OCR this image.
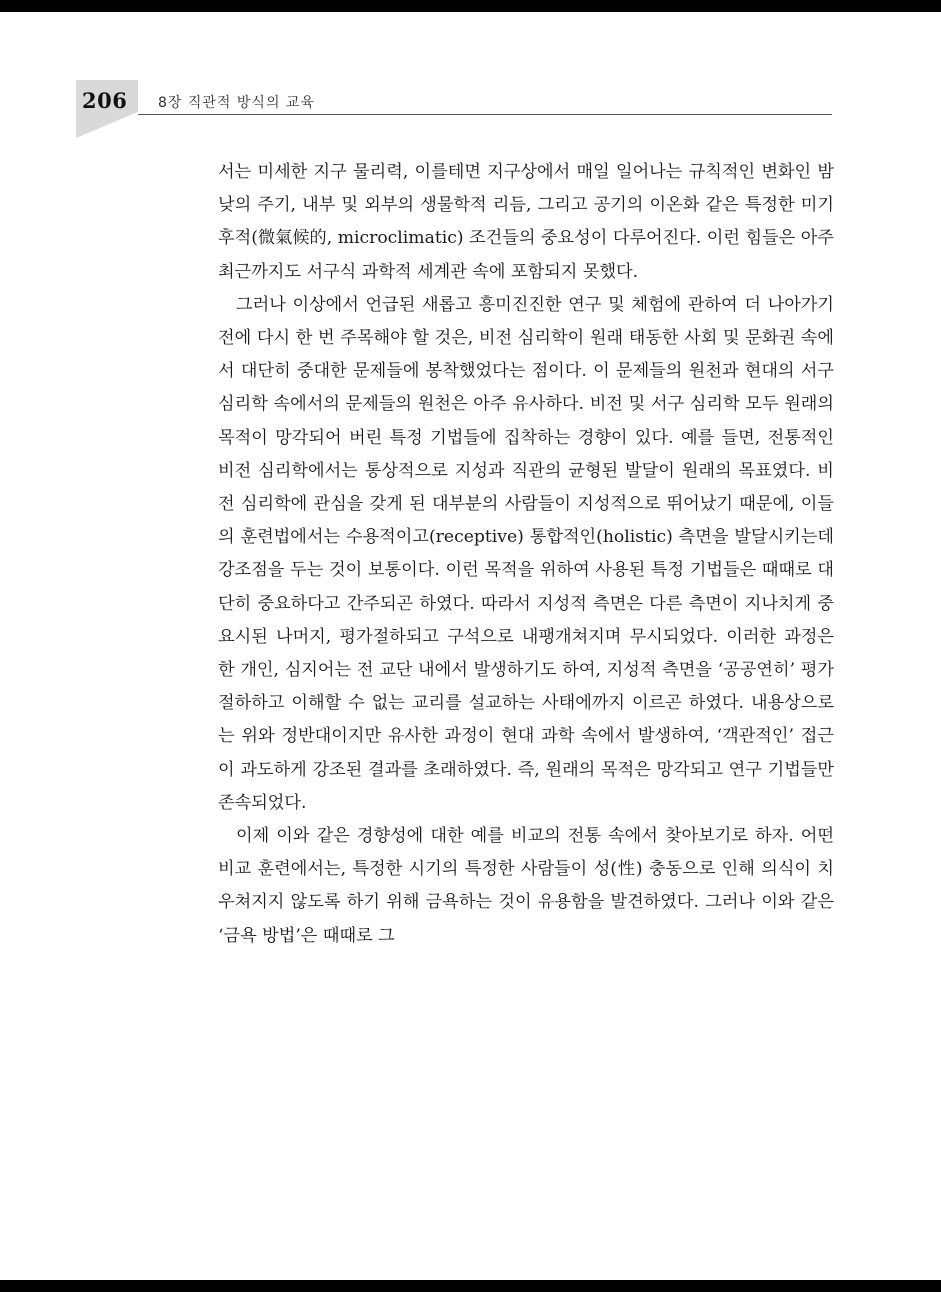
206 8장 직관적 방식의 교육

서는 미세한 지구 물리력, 이를테면 지구상에서 매일 일어나는 규칙적인 변화인 밤낮의 주기, 내부 및 외부의 생물학적 리듬, 그리고 공기의 이온화 같은 특정한 미기후적(微氣候的, microclimatic) 조건들의 중요성이 다루어진다. 이런 힘들은 아주 최근까지도 서구식 과학적 세계관 속에 포함되지 못했다.

그러나 이상에서 언급된 새롭고 흥미진진한 연구 및 체험에 관하여 더 나아가기 전에 다시 한 번 주목해야 할 것은, 비전 심리학이 원래 태동한 사회 및 문화권 속에서 대단히 중대한 문제들에 봉착했었다는 점이다. 이 문제들의 원천과 현대의 서구 심리학 속에서의 문제들의 원천은 아주 유사하다. 비전 및 서구 심리학 모두 원래의 목적이 망각되어 버린 특정 기법들에 집착하는 경향이 있다. 예를 들면, 전통적인 비전 심리학에서는 통상적으로 지성과 직관의 균형된 발달이 원래의 목표였다. 비전 심리학에 관심을 갖게 된 대부분의 사람들이 지성적으로 뛰어났기 때문에, 이들의 훈련법에서는 수용적이고(receptive) 통합적인(holistic) 측면을 발달시키는데 강조점을 두는 것이 보통이다. 이런 목적을 위하여 사용된 특정 기법들은 때때로 대단히 중요하다고 간주되곤 하였다. 따라서 지성적 측면은 다른 측면이 지나치게 중요시된 나머지, 평가절하되고 구석으로 내팽개쳐지며 무시되었다. 이러한 과정은 한 개인, 심지어는 전 교단 내에서 발생하기도 하여, 지성적 측면을 ‘공공연히’ 평가절하하고 이해할 수 없는 교리를 설교하는 사태에까지 이르곤 하였다. 내용상으로는 위와 정반대이지만 유사한 과정이 현대 과학 속에서 발생하여, ‘객관적인’ 접근이 과도하게 강조된 결과를 초래하였다. 즉, 원래의 목적은 망각되고 연구 기법들만 존속되었다.

이제 이와 같은 경향성에 대한 예를 비교의 전통 속에서 찾아보기로 하자. 어떤 비교 훈련에서는, 특정한 시기의 특정한 사람들이 성(性) 충동으로 인해 의식이 치우쳐지지 않도록 하기 위해 금욕하는 것이 유용함을 발견하였다. 그러나 이와 같은 ‘금욕 방법’은 때때로 그
